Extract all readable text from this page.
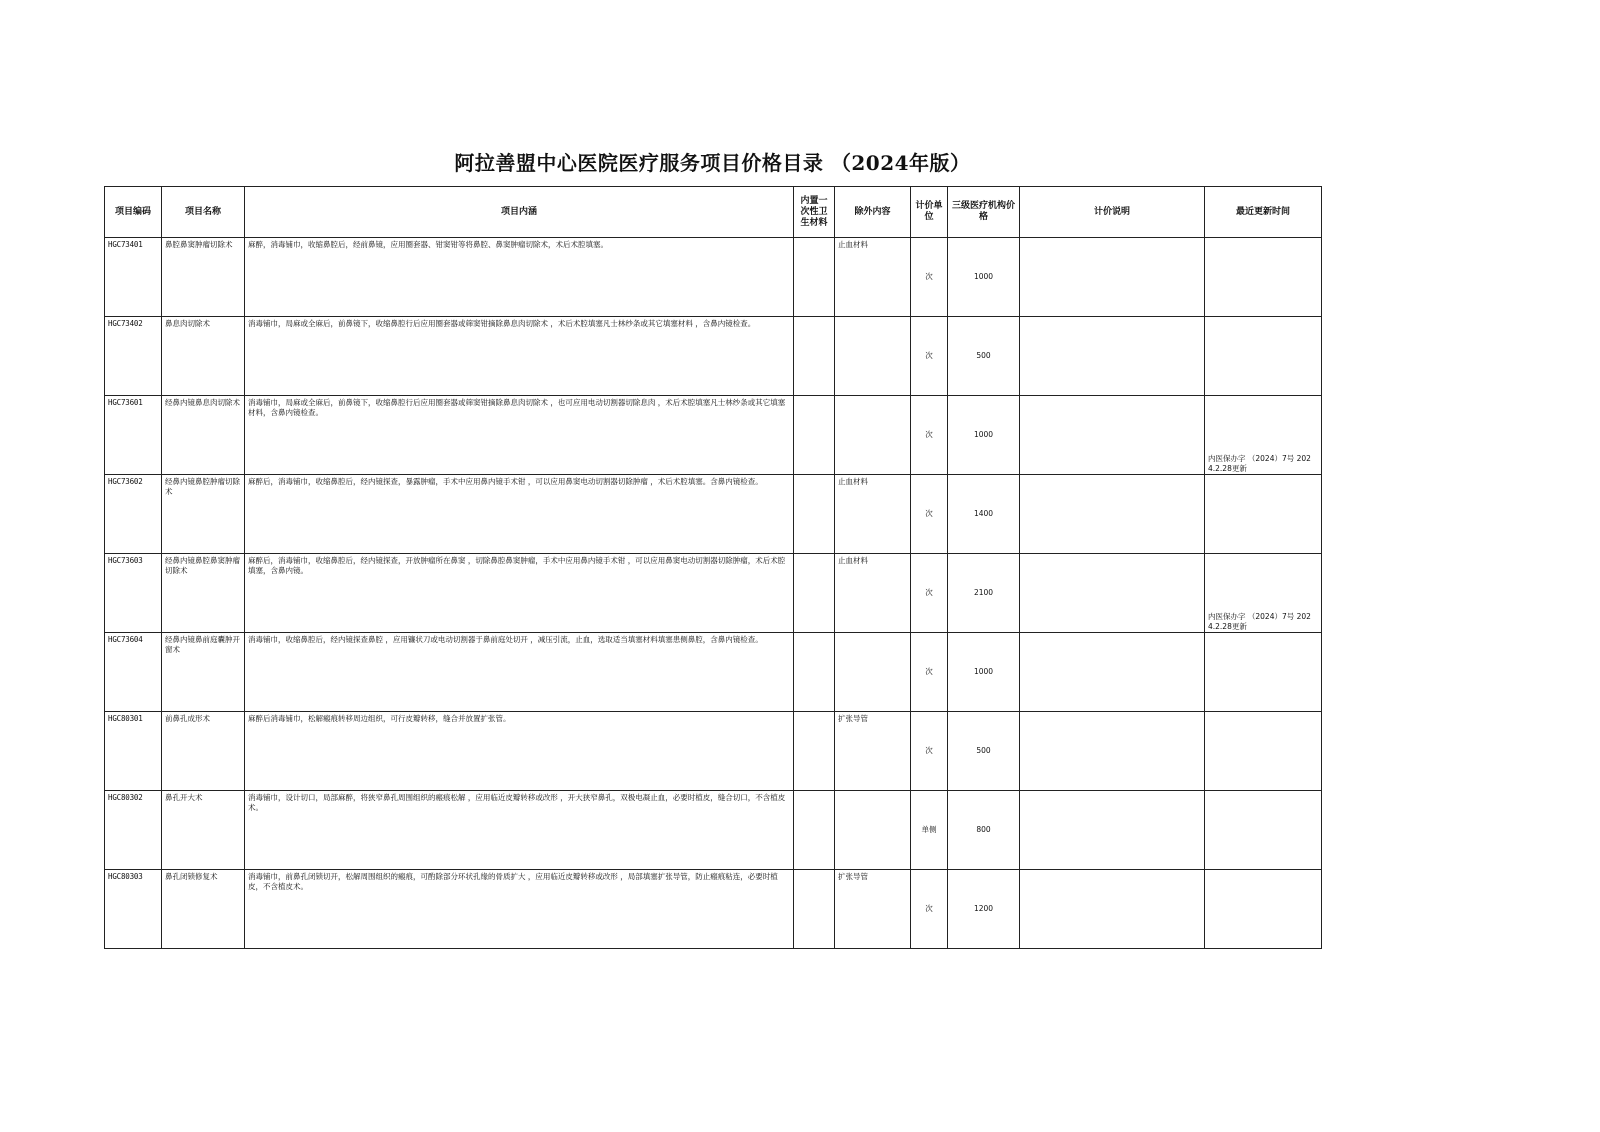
阿拉善盟中心医院医疗服务项目价格目录 （2024年版）
项目编码	项目名称	项目内涵	内置一次性卫生材料	除外内容	计价单位	三级医疗机构价格	计价说明	最近更新时间
HGC73401	鼻腔鼻窦肿瘤切除术	麻醉，消毒铺巾，收缩鼻腔后，经前鼻镜，应用圈套器、钳窦钳等将鼻腔、鼻窦肿瘤切除术，术后术腔填塞。		止血材料	次	1000		
HGC73402	鼻息肉切除术	消毒铺巾，局麻或全麻后，前鼻镜下，收缩鼻腔行后应用圈套器或筛窦钳摘除鼻息肉切除术 ，术后术腔填塞凡士林纱条或其它填塞材料 ，含鼻内镜检查。			次	500		
HGC73601	经鼻内镜鼻息肉切除术	消毒铺巾，局麻或全麻后，前鼻镜下，收缩鼻腔行后应用圈套器或筛窦钳摘除鼻息肉切除术 ，也可应用电动切割器切除息肉 ，术后术腔填塞凡士林纱条或其它填塞材料，含鼻内镜检查。			次	1000		内医保办字 （2024）7号 2024.2.28更新
HGC73602	经鼻内镜鼻腔肿瘤切除术	麻醉后，消毒铺巾，收缩鼻腔后，经内镜探查，暴露肿瘤，手术中应用鼻内镜手术钳 ，可以应用鼻窦电动切割器切除肿瘤 ，术后术腔填塞。含鼻内镜检查。		止血材料	次	1400		
HGC73603	经鼻内镜鼻腔鼻窦肿瘤切除术	麻醉后，消毒铺巾，收缩鼻腔后，经内镜探查，开放肿瘤所在鼻窦 ，切除鼻腔鼻窦肿瘤，手术中应用鼻内镜手术钳 ，可以应用鼻窦电动切割器切除肿瘤，术后术腔填塞，含鼻内镜。		止血材料	次	2100		内医保办字 （2024）7号 2024.2.28更新
HGC73604	经鼻内镜鼻前庭囊肿开窗术	消毒铺巾，收缩鼻腔后，经内镜探查鼻腔 ，应用镰状刀或电动切割器于鼻前庭处切开 ，减压引流，止血，选取适当填塞材料填塞患侧鼻腔，含鼻内镜检查。			次	1000		
HGC80301	前鼻孔成形术	麻醉后消毒铺巾，松解瘢痕转移周边组织，可行皮瓣转移，缝合并放置扩张管。		扩张导管	次	500		
HGC80302	鼻孔开大术	消毒铺巾，设计切口，局部麻醉，将狭窄鼻孔周围组织的瘢痕松解 ，应用临近皮瓣转移或改形 ，开大狭窄鼻孔，双极电凝止血，必要时植皮，缝合切口，不含植皮术。			单侧	800		
HGC80303	鼻孔闭锁修复术	消毒铺巾，前鼻孔闭锁切开，松解周围组织的瘢痕，可酌除部分环状孔缘的骨质扩大 ，应用临近皮瓣转移或改形 ，局部填塞扩张导管，防止瘢痕粘连，必要时植皮，不含植皮术。		扩张导管	次	1200		
